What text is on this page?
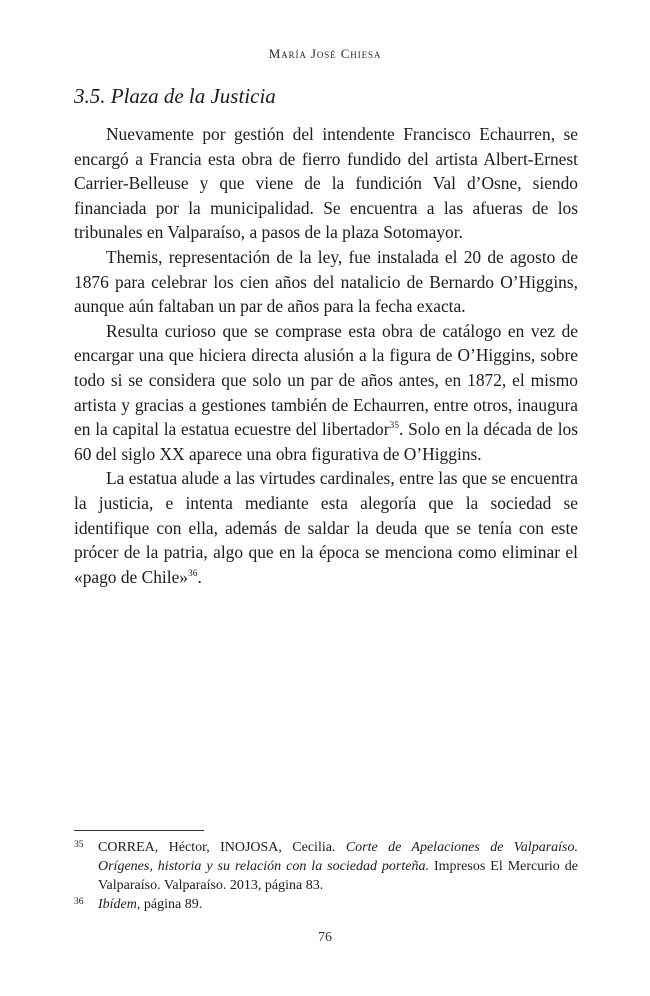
María José Chiesa
3.5. Plaza de la Justicia

Nuevamente por gestión del intendente Francisco Echaurren, se encargó a Francia esta obra de fierro fundido del artista Albert-Ernest Carrier-Belleuse y que viene de la fundición Val d’Osne, siendo financiada por la municipalidad. Se encuentra a las afueras de los tribunales en Valparaíso, a pasos de la plaza Sotomayor.

Themis, representación de la ley, fue instalada el 20 de agosto de 1876 para celebrar los cien años del natalicio de Bernardo O’Higgins, aunque aún faltaban un par de años para la fecha exacta.

Resulta curioso que se comprase esta obra de catálogo en vez de encargar una que hiciera directa alusión a la figura de O’Higgins, sobre todo si se considera que solo un par de años antes, en 1872, el mismo artista y gracias a gestiones también de Echaurren, entre otros, inaugura en la capital la estatua ecuestre del libertador$^{35}$. Solo en la década de los 60 del siglo XX aparece una obra figurativa de O’Higgins.

La estatua alude a las virtudes cardinales, entre las que se encuentra la justicia, e intenta mediante esta alegoría que la sociedad se identifique con ella, además de saldar la deuda que se tenía con este prócer de la patria, algo que en la época se menciona como eliminar el «pago de Chile»$^{36}$.

35	CORREA, Héctor, INOJOSA, Cecilia. Corte de Apelaciones de Valparaíso. Orígenes, historia y su relación con la sociedad porteña. Impresos El Mercurio de Valparaíso. Valparaíso. 2013, página 83.
36	Ibídem, página 89.
76
